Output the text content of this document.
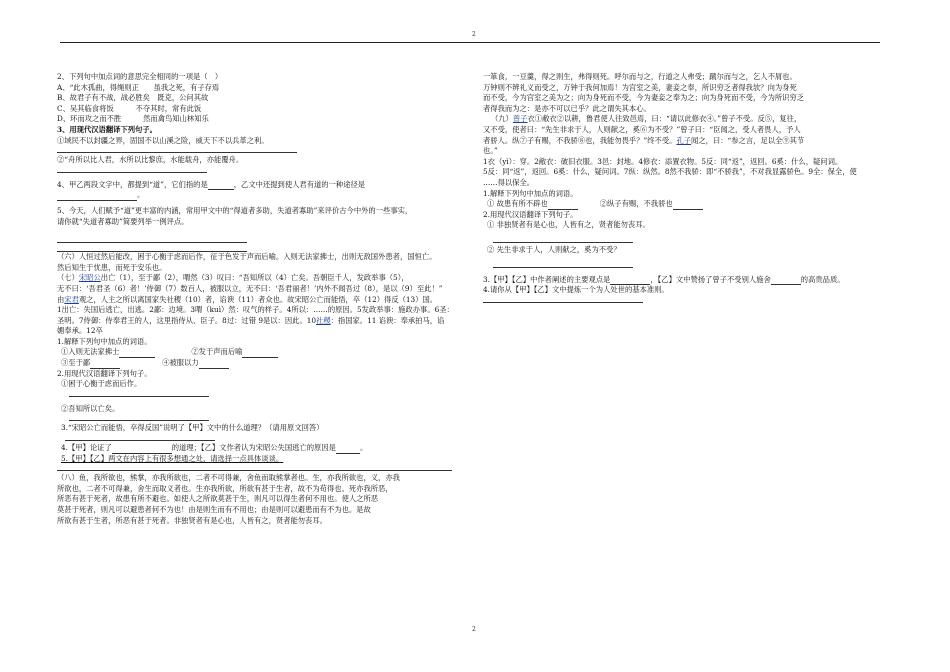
2
2、下列句中加点词的意思完全相同的一项是（　）
A、“此木孤曲，得绳则正　　虽我之死，有子存焉
B、故君子有不战，战必胜矣　既克，公问其故
C、吴其临食将饭　　　不夺其时，常有此饭
D、环而攻之而不胜　　　然而禽鸟知山林知乐
3、用现代汉语翻译下列句子。
①域民不以封疆之界，固国不以山溪之险，威天下不以兵革之利。
②“舟所以比人君，水所以比黎庶，水能载舟，亦能覆舟。
4、甲乙两段文字中，都提到“道”，它们指的是	，乙文中还提到使人君有道的一种途径是
。
5、今天，人们赋予“道”更丰富的内涵，常用甲文中的“得道者多助，失道者寡助”来评价古今中外的一些事实，
请你就“失道者寡助”简要列举一例评点。
（六）人恒过然后能改，困于心衡于虑而后作，征于色发于声而后喻。入则无法家拂士，出则无敌国外患者，国恒亡。
然后知生于忧患，而死于安乐也。
（七）宋昭公出亡（1），至于鄙（2），喟然（3）叹曰：“吾知所以（4）亡矣。吾朝臣千人，发政举事（5），
无不曰：‘吾君圣（6）者！’侍御（7）数百人，被服以立，无不曰：‘吾君丽者！’内外不闻吾过（8），是以（9）至此！”
由宋君观之，人主之所以离国家失社稷（10）者，谄谀（11）者众也。故宋昭公亡而能悟，卒（12）得反（13）国。
1出亡：失国后逃亡，出逃。2鄙：边境。3喟（kuì）然：叹气的样子。4所以：……的原因。5发政举事：施政办事。6圣：
圣明。7侍御：侍奉君王的人，这里指侍从、臣子。8过：过错 9是以：因此。10社稷：指国家。11 谄谀：奉承拍马，谄
媚奉承。12卒
1.解释下列句中加点的词语。
①入则无法家拂士	②发于声而后喻
③至于鄙	④被服以力
2.用现代汉语翻译下列句子。
①困于心衡于虑而后作。
②吾知所以亡矣。
3.“宋昭公亡而能悟，卒得反国”说明了【甲】文中的什么道理？（请用原文回答）
4.【甲】论证了	的道理；【乙】文作者认为宋昭公失国逃亡的原因是	。
5.【甲】【乙】两文在内容上有很多想通之处，请选择一点具体谈谈。
（八）鱼，我所欲也，熊掌，亦我所欲也，二者不可得兼，舍鱼而取熊掌者也。生，亦我所欲也，义，亦我
所欲也，二者不可得兼，舍生而取义者也。生亦我所欲，所欲有甚于生者，故不为苟得也。死亦我所恶，
所恶有甚于死者，故患有所不避也。如使人之所欲莫甚于生，则凡可以得生者何不用也。使人之所恶
莫甚于死者，则凡可以避患者何不为也！由是则生而有不用也；由是则可以避患而有不为也。是故
所欲有甚于生者，所恶有甚于死者。非独贤者有是心也，人皆有之，贤者能勿丧耳。
一箪食，一豆羹，得之则生，弗得则死。呼尔而与之，行道之人弗受；蹴尔而与之，乞人不屑也。
万钟则不辨礼义而受之，万钟于我何加焉！为宫室之美，妻妾之奉，所识穷乏者得我欤？向为身死
而不受，今为宫室之美为之；向为身死而不受，今为妻妾之奉为之；向为身死而不受，今为所识穷乏
者得我而为之：是亦不可以已乎？此之谓失其本心。
（九）曾子衣①敝衣②以耕，鲁君使人往致邑焉，曰：“请以此修衣④。”曾子不受。反⑤，复往，
又不受，使者曰：“先生非求于人，人则献之，奚⑥为不受？”曾子曰：“臣闻之，受人者畏人，予人
者骄人。纵⑦子有赐，不我骄⑧也，我能勿畏乎？”终不受。孔子闻之，曰：“参之言，足以全⑨其节
也。”
1衣（yì）：穿。2敝衣：破旧衣服。3邑：封地。4修衣：添置衣物。5反：同“返”，返回。6奚：什么，疑问词。
5反：同“返”，返回。6奚：什么，疑问词。7纵：纵然。8然不我骄：即“不骄我”，不对我显露骄色。9全：保全，使
……得以保全。
1.解释下列句中加点的词语。
① 故患有所不辟也	②纵子有赐，不我骄也
2.用现代汉语翻译下列句子。
① 非独贤者有是心也，人皆有之，贤者能勿丧耳。
② 先生非求于人，人则献之，奚为不受？
3.【甲】【乙】中作者阐述的主要观点是	，【乙】文中赞扬了曾子不受别人施舍	的高贵品质。
4.请你从【甲】【乙】文中提炼一个为人处世的基本准则。
2
